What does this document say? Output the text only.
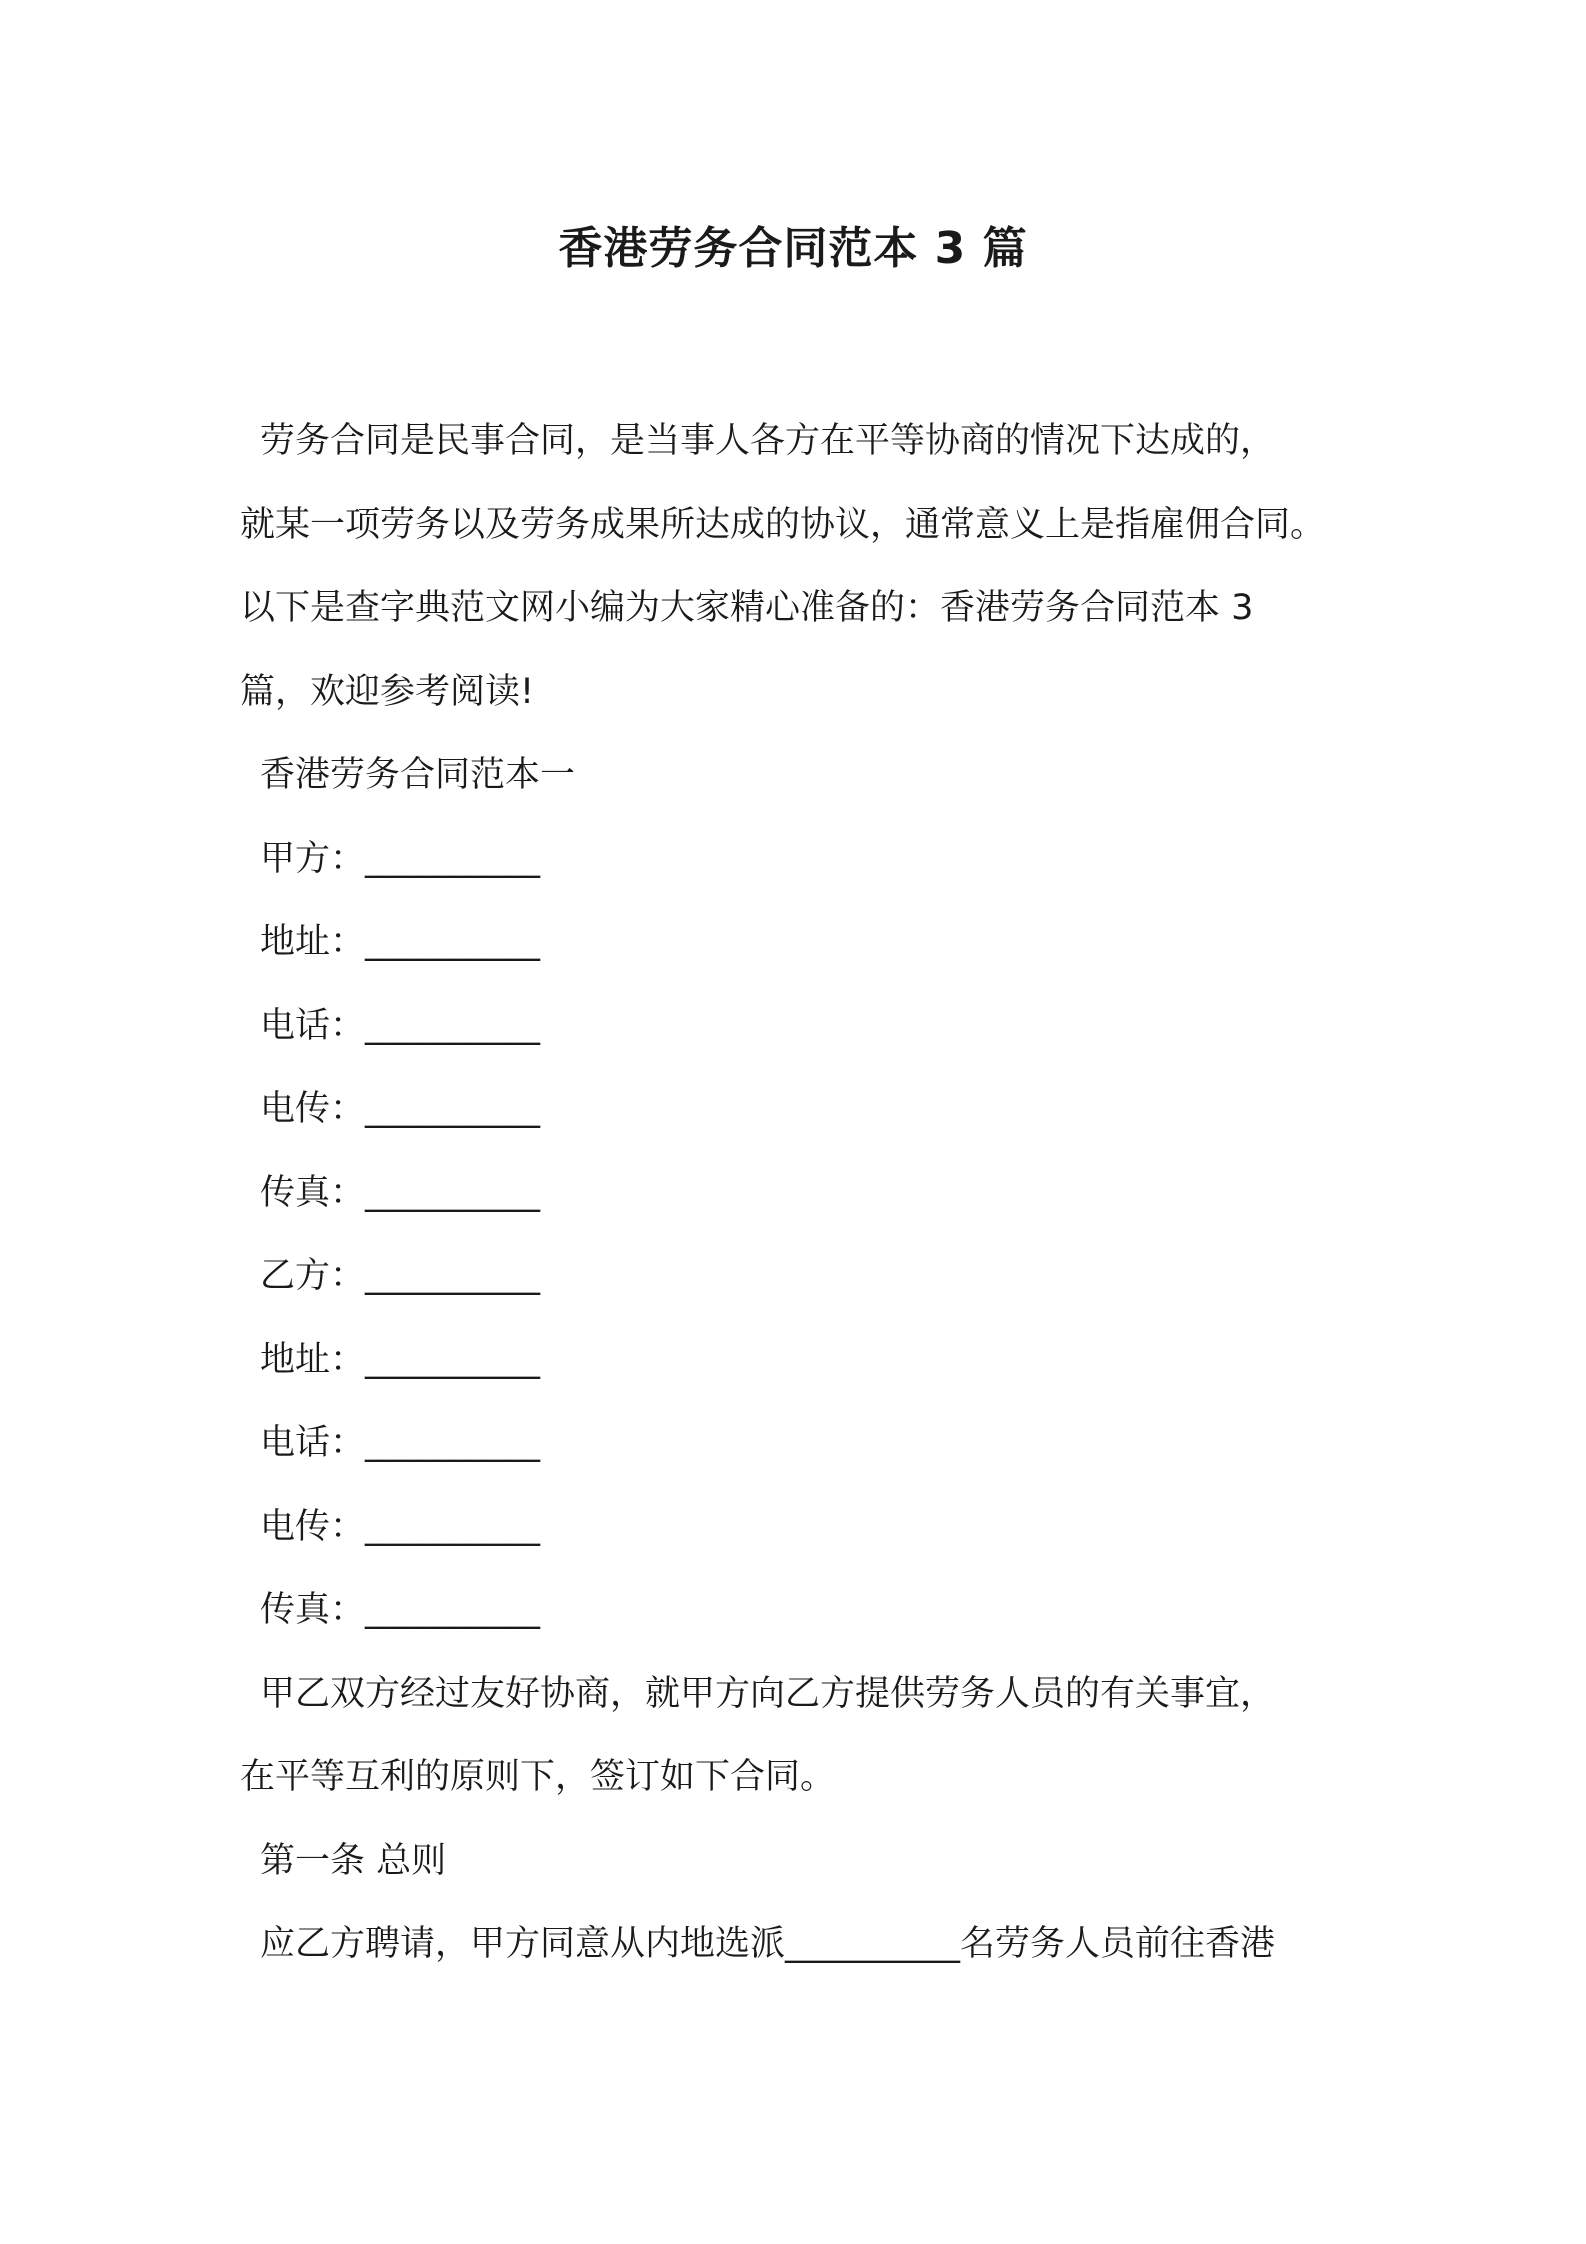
香港劳务合同范本 3 篇

劳务合同是民事合同，是当事人各方在平等协商的情况下达成的，

就某一项劳务以及劳务成果所达成的协议，通常意义上是指雇佣合同。

以下是查字典范文网小编为大家精心准备的：香港劳务合同范本 3

篇，欢迎参考阅读!

香港劳务合同范本一

甲方：__________

地址：__________

电话：__________

电传：__________

传真：__________

乙方：__________

地址：__________

电话：__________

电传：__________

传真：__________

甲乙双方经过友好协商，就甲方向乙方提供劳务人员的有关事宜，

在平等互利的原则下，签订如下合同。

第一条 总则

应乙方聘请，甲方同意从内地选派__________名劳务人员前往香港
